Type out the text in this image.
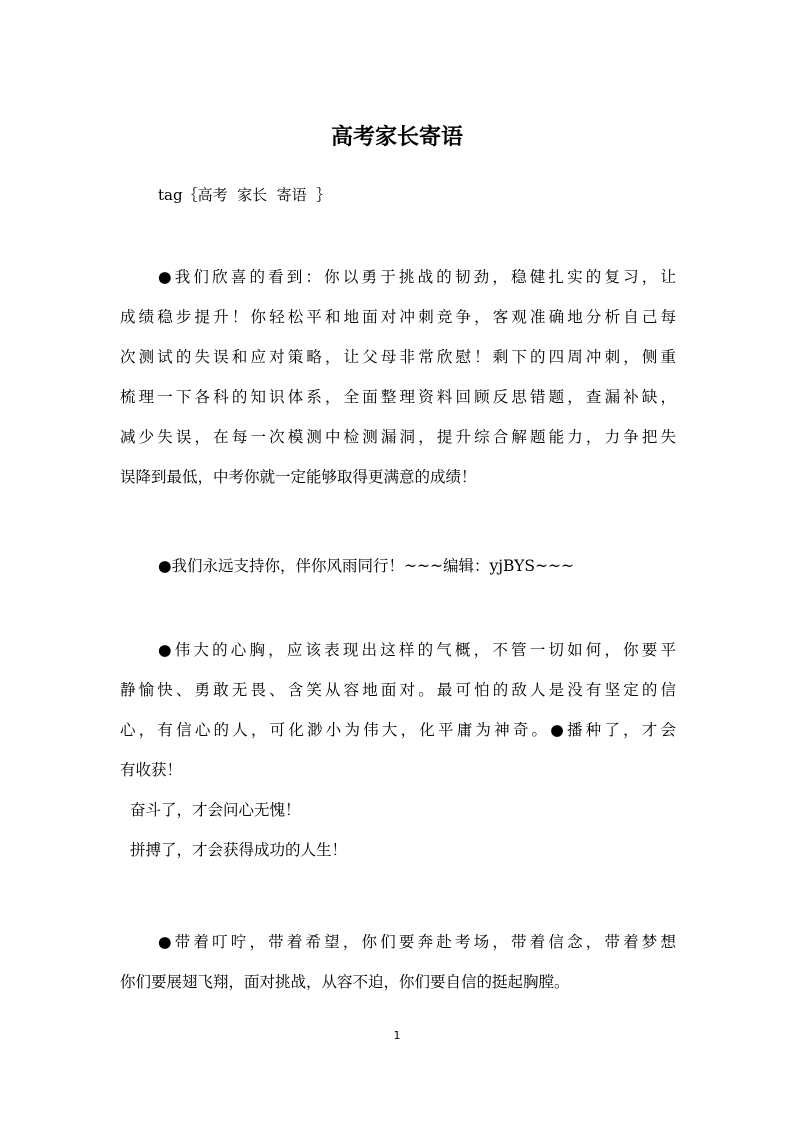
高考家长寄语

tag｛高考  家长  寄语  ｝

●我们欣喜的看到：你以勇于挑战的韧劲，稳健扎实的复习，让
成绩稳步提升！你轻松平和地面对冲刺竞争，客观准确地分析自己每
次测试的失误和应对策略，让父母非常欣慰！剩下的四周冲刺，侧重
梳理一下各科的知识体系，全面整理资料回顾反思错题，查漏补缺，
减少失误，在每一次模测中检测漏洞，提升综合解题能力，力争把失
误降到最低，中考你就一定能够取得更满意的成绩！
●我们永远支持你，伴你风雨同行！~~~编辑：yjBYS~~~
●伟大的心胸，应该表现出这样的气概，不管一切如何，你要平
静愉快、勇敢无畏、含笑从容地面对。最可怕的敌人是没有坚定的信
心，有信心的人，可化渺小为伟大，化平庸为神奇。●播种了，才会
有收获！
奋斗了，才会问心无愧！
拼搏了，才会获得成功的人生！
●带着叮咛，带着希望，你们要奔赴考场，带着信念，带着梦想
你们要展翅飞翔，面对挑战，从容不迫，你们要自信的挺起胸膛。
1
